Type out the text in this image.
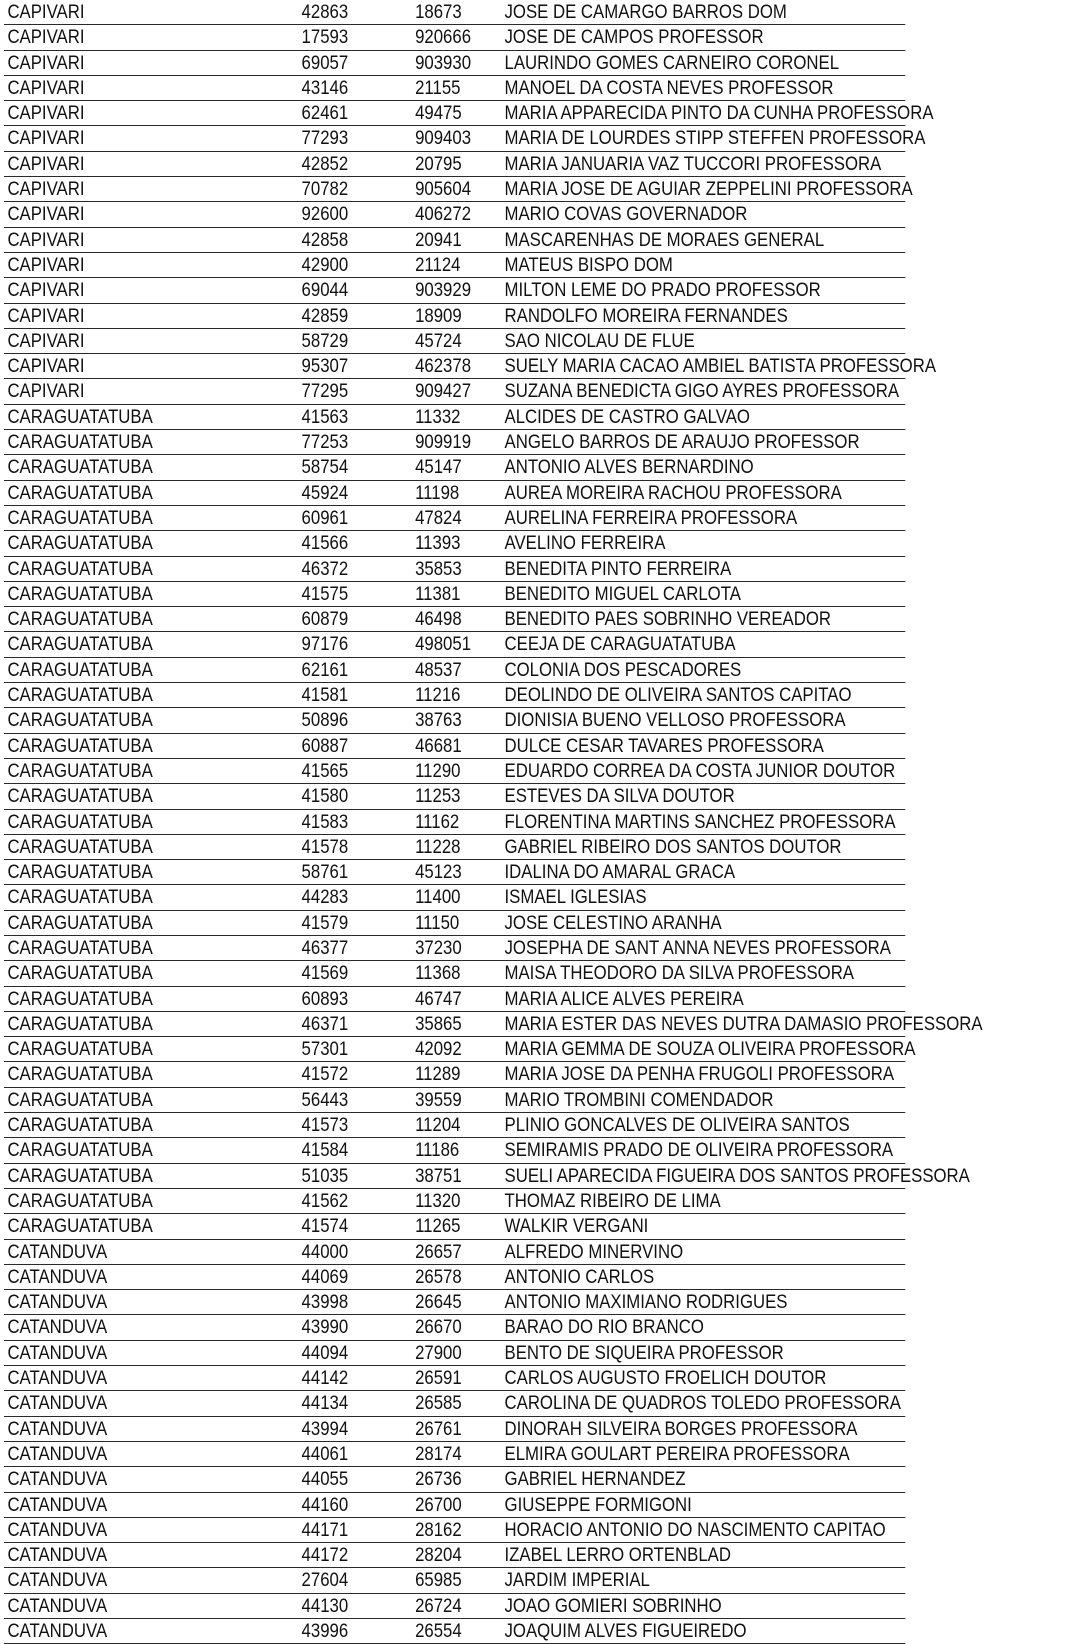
CAPIVARI	42863	18673 JOSE DE CAMARGO BARROS DOM
CAPIVARI	17593	920666 JOSE DE CAMPOS PROFESSOR
CAPIVARI	69057	903930 LAURINDO GOMES CARNEIRO CORONEL
CAPIVARI	43146	21155 MANOEL DA COSTA NEVES PROFESSOR
CAPIVARI	62461	49475 MARIA APPARECIDA PINTO DA CUNHA PROFESSORA
CAPIVARI	77293	909403 MARIA DE LOURDES STIPP STEFFEN PROFESSORA
CAPIVARI	42852	20795 MARIA JANUARIA VAZ TUCCORI PROFESSORA
CAPIVARI	70782	905604 MARIA JOSE DE AGUIAR ZEPPELINI PROFESSORA
CAPIVARI	92600	406272 MARIO COVAS GOVERNADOR
CAPIVARI	42858	20941 MASCARENHAS DE MORAES GENERAL
CAPIVARI	42900	21124 MATEUS BISPO DOM
CAPIVARI	69044	903929 MILTON LEME DO PRADO PROFESSOR
CAPIVARI	42859	18909 RANDOLFO MOREIRA FERNANDES
CAPIVARI	58729	45724 SAO NICOLAU DE FLUE
CAPIVARI	95307	462378 SUELY MARIA CACAO AMBIEL BATISTA PROFESSORA
CAPIVARI	77295	909427 SUZANA BENEDICTA GIGO AYRES PROFESSORA
CARAGUATATUBA	41563	11332 ALCIDES DE CASTRO GALVAO
CARAGUATATUBA	77253	909919 ANGELO BARROS DE ARAUJO PROFESSOR
CARAGUATATUBA	58754	45147 ANTONIO ALVES BERNARDINO
CARAGUATATUBA	45924	11198 AUREA MOREIRA RACHOU PROFESSORA
CARAGUATATUBA	60961	47824 AURELINA FERREIRA PROFESSORA
CARAGUATATUBA	41566	11393 AVELINO FERREIRA
CARAGUATATUBA	46372	35853 BENEDITA PINTO FERREIRA
CARAGUATATUBA	41575	11381 BENEDITO MIGUEL CARLOTA
CARAGUATATUBA	60879	46498 BENEDITO PAES SOBRINHO VEREADOR
CARAGUATATUBA	97176	498051 CEEJA DE CARAGUATATUBA
CARAGUATATUBA	62161	48537 COLONIA DOS PESCADORES
CARAGUATATUBA	41581	11216 DEOLINDO DE OLIVEIRA SANTOS CAPITAO
CARAGUATATUBA	50896	38763 DIONISIA BUENO VELLOSO PROFESSORA
CARAGUATATUBA	60887	46681 DULCE CESAR TAVARES PROFESSORA
CARAGUATATUBA	41565	11290 EDUARDO CORREA DA COSTA JUNIOR DOUTOR
CARAGUATATUBA	41580	11253 ESTEVES DA SILVA DOUTOR
CARAGUATATUBA	41583	11162 FLORENTINA MARTINS SANCHEZ PROFESSORA
CARAGUATATUBA	41578	11228 GABRIEL RIBEIRO DOS SANTOS DOUTOR
CARAGUATATUBA	58761	45123 IDALINA DO AMARAL GRACA
CARAGUATATUBA	44283	11400 ISMAEL IGLESIAS
CARAGUATATUBA	41579	11150 JOSE CELESTINO ARANHA
CARAGUATATUBA	46377	37230 JOSEPHA DE SANT ANNA NEVES PROFESSORA
CARAGUATATUBA	41569	11368 MAISA THEODORO DA SILVA PROFESSORA
CARAGUATATUBA	60893	46747 MARIA ALICE ALVES PEREIRA
CARAGUATATUBA	46371	35865 MARIA ESTER DAS NEVES DUTRA DAMASIO PROFESSORA
CARAGUATATUBA	57301	42092 MARIA GEMMA DE SOUZA OLIVEIRA PROFESSORA
CARAGUATATUBA	41572	11289 MARIA JOSE DA PENHA FRUGOLI PROFESSORA
CARAGUATATUBA	56443	39559 MARIO TROMBINI COMENDADOR
CARAGUATATUBA	41573	11204 PLINIO GONCALVES DE OLIVEIRA SANTOS
CARAGUATATUBA	41584	11186 SEMIRAMIS PRADO DE OLIVEIRA PROFESSORA
CARAGUATATUBA	51035	38751 SUELI APARECIDA FIGUEIRA DOS SANTOS PROFESSORA
CARAGUATATUBA	41562	11320 THOMAZ RIBEIRO DE LIMA
CARAGUATATUBA	41574	11265 WALKIR VERGANI
CATANDUVA	44000	26657 ALFREDO MINERVINO
CATANDUVA	44069	26578 ANTONIO CARLOS
CATANDUVA	43998	26645 ANTONIO MAXIMIANO RODRIGUES
CATANDUVA	43990	26670 BARAO DO RIO BRANCO
CATANDUVA	44094	27900 BENTO DE SIQUEIRA PROFESSOR
CATANDUVA	44142	26591 CARLOS AUGUSTO FROELICH DOUTOR
CATANDUVA	44134	26585 CAROLINA DE QUADROS TOLEDO PROFESSORA
CATANDUVA	43994	26761 DINORAH SILVEIRA BORGES PROFESSORA
CATANDUVA	44061	28174 ELMIRA GOULART PEREIRA PROFESSORA
CATANDUVA	44055	26736 GABRIEL HERNANDEZ
CATANDUVA	44160	26700 GIUSEPPE FORMIGONI
CATANDUVA	44171	28162 HORACIO ANTONIO DO NASCIMENTO CAPITAO
CATANDUVA	44172	28204 IZABEL LERRO ORTENBLAD
CATANDUVA	27604	65985 JARDIM IMPERIAL
CATANDUVA	44130	26724 JOAO GOMIERI SOBRINHO
CATANDUVA	43996	26554 JOAQUIM ALVES FIGUEIREDO
